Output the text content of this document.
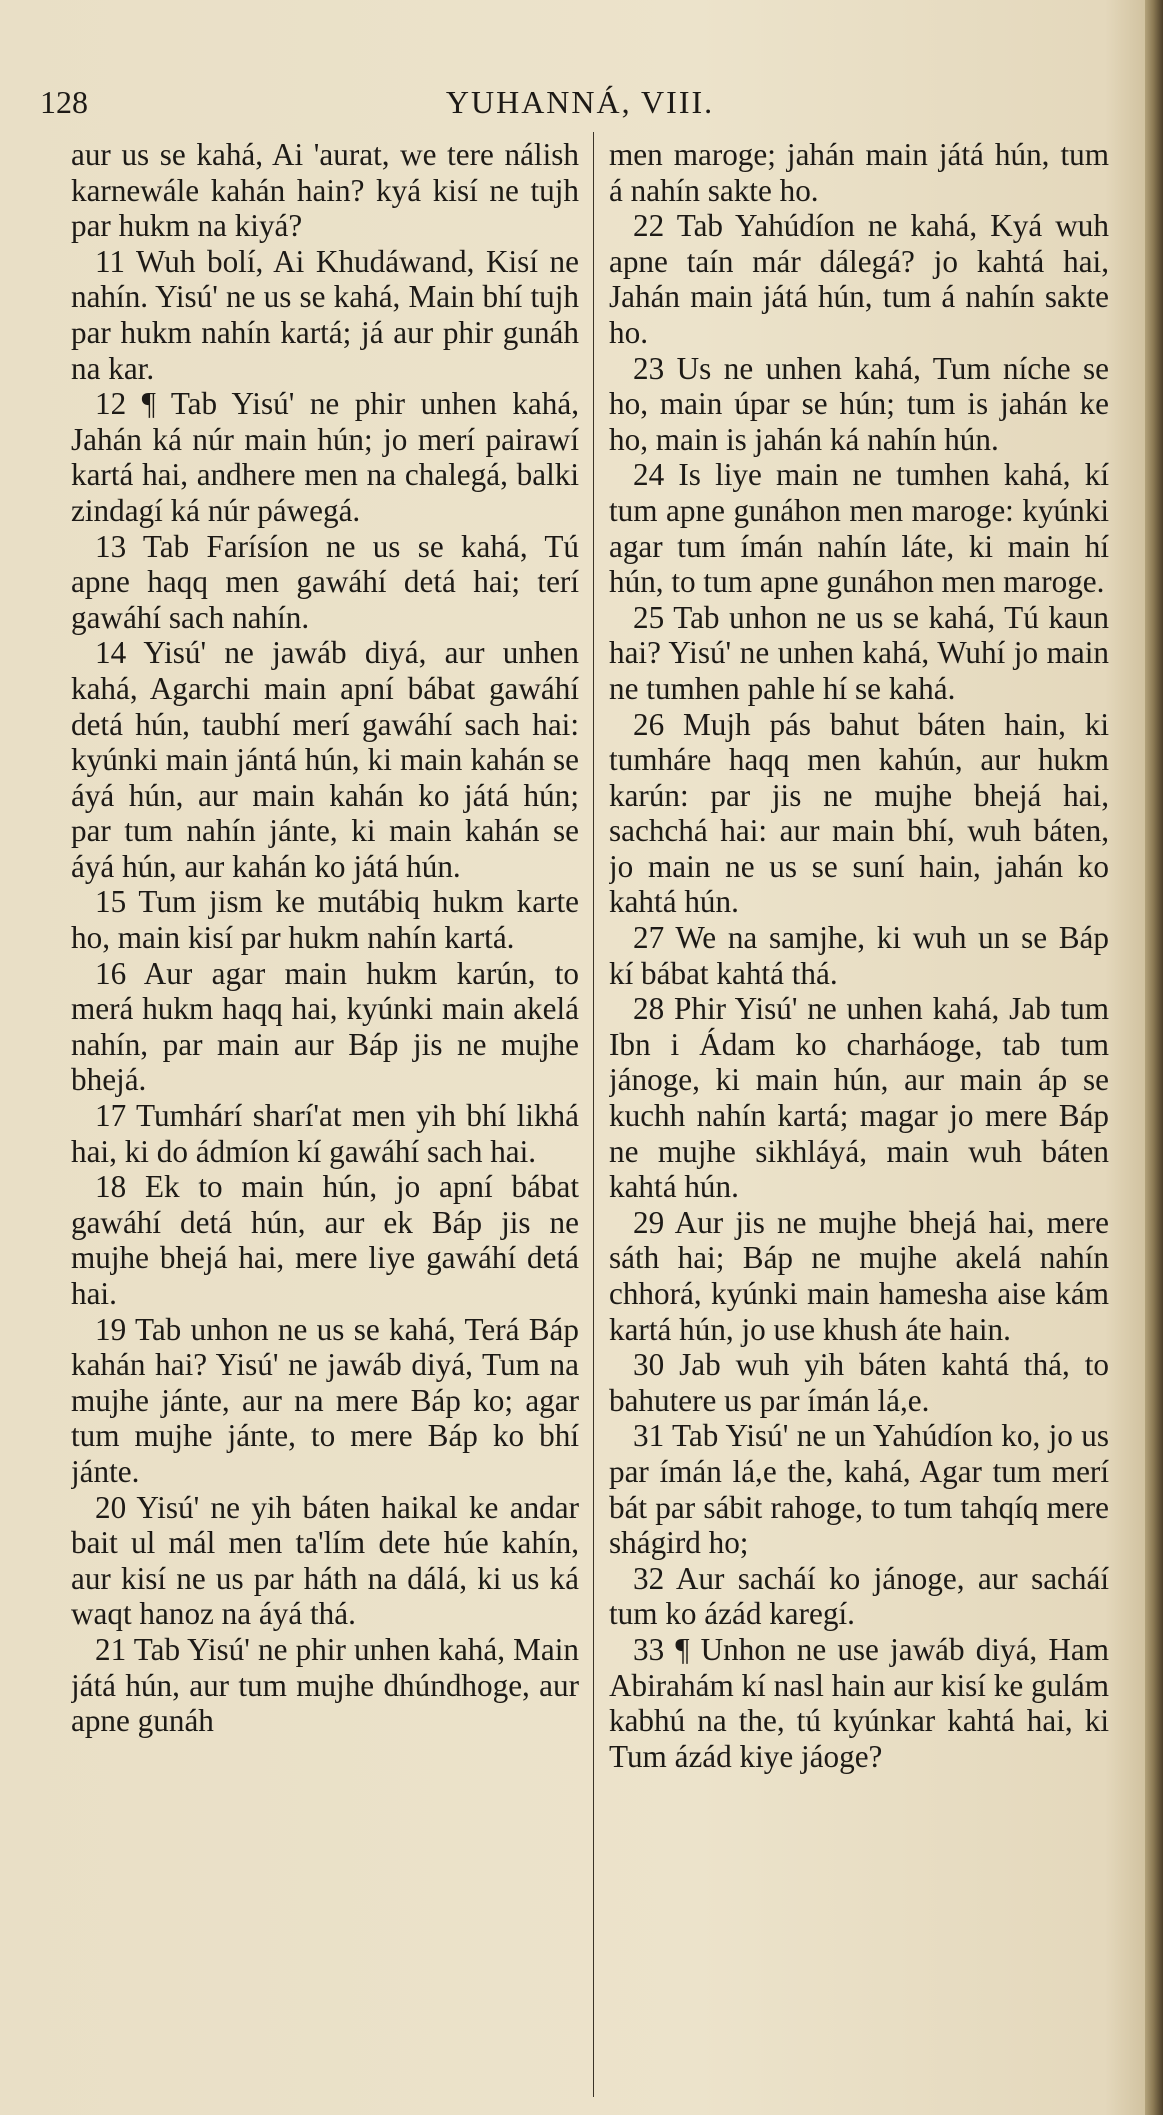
YUHANNÁ, VIII.
128

aur us se kahá, Ai 'aurat, we tere nálish karnewále kahán hain? kyá kisí ne tujh par hukm na kiyá?

11 Wuh bolí, Ai Khudáwand, Kisí ne nahín. Yisú' ne us se kahá, Main bhí tujh par hukm nahín kartá; já aur phir gunáh na kar.

12 ¶ Tab Yisú' ne phir unhen kahá, Jahán ká núr main hún; jo merí pairawí kartá hai, andhere men na chalegá, balki zindagí ká núr páwegá.

13 Tab Farísíon ne us se kahá, Tú apne haqq men gawáhí detá hai; terí gawáhí sach nahín.

14 Yisú' ne jawáb diyá, aur unhen kahá, Agarchi main apní bábat gawáhí detá hún, taubhí merí gawáhí sach hai: kyúnki main jántá hún, ki main kahán se áyá hún, aur main kahán ko játá hún; par tum nahín jánte, ki main kahán se áyá hún, aur kahán ko játá hún.

15 Tum jism ke mutábiq hukm karte ho, main kisí par hukm nahín kartá.

16 Aur agar main hukm karún, to merá hukm haqq hai, kyúnki main akelá nahín, par main aur Báp jis ne mujhe bhejá.

17 Tumhárí sharí'at men yih bhí likhá hai, ki do ádmíon kí gawáhí sach hai.

18 Ek to main hún, jo apní bábat gawáhí detá hún, aur ek Báp jis ne mujhe bhejá hai, mere liye gawáhí detá hai.

19 Tab unhon ne us se kahá, Terá Báp kahán hai? Yisú' ne jawáb diyá, Tum na mujhe jánte, aur na mere Báp ko; agar tum mujhe jánte, to mere Báp ko bhí jánte.

20 Yisú' ne yih báten haikal ke andar bait ul mál men ta'lím dete húe kahín, aur kisí ne us par háth na dálá, ki us ká waqt hanoz na áyá thá.

21 Tab Yisú' ne phir unhen kahá, Main játá hún, aur tum mujhe dhúndhoge, aur apne gunáh

men maroge; jahán main játá hún, tum á nahín sakte ho.

22 Tab Yahúdíon ne kahá, Kyá wuh apne taín már dálegá? jo kahtá hai, Jahán main játá hún, tum á nahín sakte ho.

23 Us ne unhen kahá, Tum níche se ho, main úpar se hún; tum is jahán ke ho, main is jahán ká nahín hún.

24 Is liye main ne tumhen kahá, kí tum apne gunáhon men maroge: kyúnki agar tum ímán nahín láte, ki main hí hún, to tum apne gunáhon men maroge.

25 Tab unhon ne us se kahá, Tú kaun hai? Yisú' ne unhen kahá, Wuhí jo main ne tumhen pahle hí se kahá.

26 Mujh pás bahut báten hain, ki tumháre haqq men kahún, aur hukm karún: par jis ne mujhe bhejá hai, sachchá hai: aur main bhí, wuh báten, jo main ne us se suní hain, jahán ko kahtá hún.

27 We na samjhe, ki wuh un se Báp kí bábat kahtá thá.

28 Phir Yisú' ne unhen kahá, Jab tum Ibn i Ádam ko charháoge, tab tum jánoge, ki main hún, aur main áp se kuchh nahín kartá; magar jo mere Báp ne mujhe sikhláyá, main wuh báten kahtá hún.

29 Aur jis ne mujhe bhejá hai, mere sáth hai; Báp ne mujhe akelá nahín chhorá, kyúnki main hamesha aise kám kartá hún, jo use khush áte hain.

30 Jab wuh yih báten kahtá thá, to bahutere us par ímán lá,e.

31 Tab Yisú' ne un Yahúdíon ko, jo us par ímán lá,e the, kahá, Agar tum merí bát par sábit rahoge, to tum tahqíq mere shágird ho;

32 Aur sacháí ko jánoge, aur sacháí tum ko ázád karegí.

33 ¶ Unhon ne use jawáb diyá, Ham Abirahám kí nasl hain aur kisí ke gulám kabhú na the, tú kyúnkar kahtá hai, ki Tum ázád kiye jáoge?
